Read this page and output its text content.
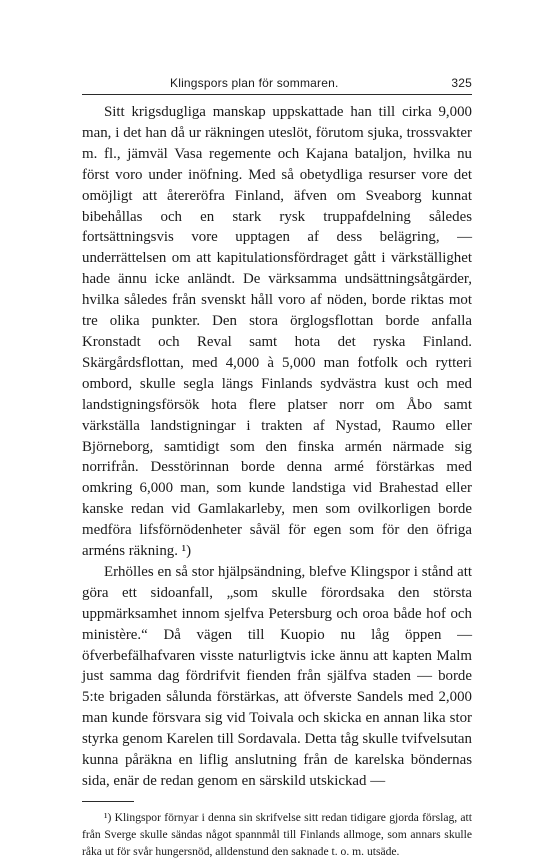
Klingspors plan för sommaren.	325

Sitt krigsdugliga manskap uppskattade han till cirka 9,000 man, i det han då ur räkningen uteslöt, förutom sjuka, trossvakter m. fl., jämväl Vasa regemente och Kajana bataljon, hvilka nu först voro under inöfning. Med så obetydliga resurser vore det omöjligt att återeröfra Finland, äfven om Sveaborg kunnat bibehållas och en stark rysk truppafdelning således fortsättningsvis vore upptagen af dess belägring, — underrättelsen om att kapitulationsfördraget gått i värkställighet hade ännu icke anländt. De värksamma undsättningsåtgärder, hvilka således från svenskt håll voro af nöden, borde riktas mot tre olika punkter. Den stora örglogsflottan borde anfalla Kronstadt och Reval samt hota det ryska Finland. Skärgårdsflottan, med 4,000 à 5,000 man fotfolk och rytteri ombord, skulle segla längs Finlands sydvästra kust och med landstigningsförsök hota flere platser norr om Åbo samt värkställa landstigningar i trakten af Nystad, Raumo eller Björneborg, samtidigt som den finska armén närmade sig norrifrån. Desstörinnan borde denna armé förstärkas med omkring 6,000 man, som kunde landstiga vid Brahestad eller kanske redan vid Gamlakarleby, men som ovilkorligen borde medföra lifsförnödenheter såväl för egen som för den öfriga arméns räkning. ¹)

Erhölles en så stor hjälpsändning, blefve Klingspor i stånd att göra ett sidoanfall, „som skulle förordsaka den största uppmärksamhet innom sjelfva Petersburg och oroa både hof och ministère.“ Då vägen till Kuopio nu låg öppen — öfverbefälhafvaren visste naturligtvis icke ännu att kapten Malm just samma dag fördrifvit fienden från själfva staden — borde 5:te brigaden sålunda förstärkas, att öfverste Sandels med 2,000 man kunde försvara sig vid Toivala och skicka en annan lika stor styrka genom Karelen till Sordavala. Detta tåg skulle tvifvelsutan kunna påräkna en liflig anslutning från de karelska böndernas sida, enär de redan genom en särskild utskickad —

¹) Klingspor förnyar i denna sin skrifvelse sitt redan tidigare gjorda förslag, att från Sverge skulle sändas något spannmål till Finlands allmoge, som annars skulle råka ut för svår hungersnöd, alldenstund den saknade t. o. m. utsäde.
